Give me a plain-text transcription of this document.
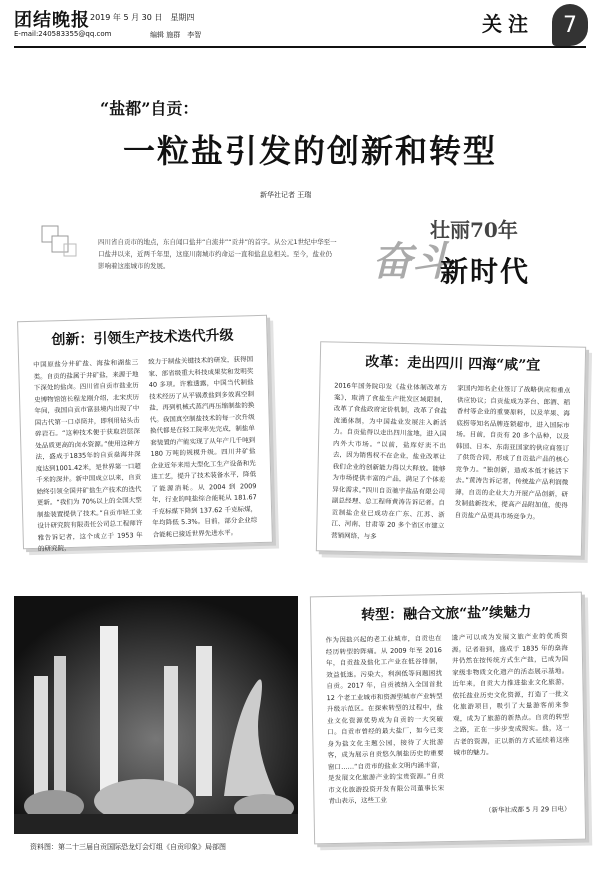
团结晚报 2019 年 5 月 30 日　星期四
E-mail:240583355@qq.com	编辑 施群　李智	关注	7
“盐都”自贡：
一粒盐引发的创新和转型
新华社记者 王瑞
四川省自贡市的地点，东自闻口盐井“自流井”“贡井”的首字。从公元1世纪中华至一口盐井以来，近两千年里，这座川南城市约命运一直和盐息息相关。至今，盐业仍影响着这座城市的发展。	奋斗
壮丽70年
新时代
创新：引领生产技术迭代升级

中国原盐分井矿盐、海盐和湖盐三类。自贡的盐属于井矿盐，来源于地下深处的盐卤。四川省自贡市盐业历史博物馆馆长程龙刚介绍，北宋庆历年间，我国自贡市富县境内出现了中国古代第一口卓筒井，即利用钻头击碎岩石。“这种技术便于获取岩层深处品质更高的卤水资源。”使用这种方法，盛成于1835年的自贡燊海井深度达到1001.42米，是世界第一口超千米的深井。新中国成立以来，自贡始终引领全国井矿盐生产技术的迭代更新。“我们为 70%以上的全国大型制盐装置提供了技术。”自贡市轻工业设计研究院有限责任公司总工程师许雅告诉记者，这个成立于 1953 年的研究院，

致力于制盐关键技术的研发，获得国家、部省级重大科技成果奖和发明奖40 多项。许雅透露，中国当代制盐技术经历了从平锅煮盐到多效真空制盐，再到机械式蒸汽再压缩制盐的换代。我国真空制盐技术的每一次升级换代都是在轻工院率先完成，制盐单套装置的产能实现了从年产几千吨到 180 万吨的规模升级。四川井矿盐企业近年来用大型化工生产设备和先进工艺，提升了技术装备水平，降低了能源消耗。从 2004 到 2009 年，行业的吨盐综合能耗从 181.67 千克标煤下降到 137.62 千克标煤，年均降低 5.3%。目前，部分企业综合能耗已接近世界先进水平。

改革：走出四川 四海“咸”宜

2016年国务院印发《盐业体制改革方案》，取消了食盐生产批发区域限制，改革了食盐政府定价机制，改革了食盐流通体制，为中国盐业发展注入新活力。自贡盐得以走出四川盆地，进入国内外大市场。“以前，盐库好卖不出去，因为销售权不在企业，盐业改革让我们企业的创新能力得以大释放。能够为市场提供丰富的产品，满足了个体差异化需求。”四川自贡驰宇盐品有限公司副总经理、总工程师黄涛告诉记者。自贡制盐企业已成功在广东、江苏、浙江、河南、甘肃等 20 多个省区市建立营销网络，与多

家国内知名企业签订了战略供应和重点供应协议；自贡盐成为茅台、郎酒、稻香村等企业的重要原料，以及苹果、海底捞等知名品牌连锁超市，进入国际市场。目前，自贡有 20 多个品种，以及韩国、日本、东南亚国家的供应商签订了供货合同，形成了自贡盐产品的核心竞争力。“独创新，造成本低才能活下去。”黄涛告诉记者，传统盐产品利润微薄，自贡的企业大力开展产品创新，研发制盐新技术，提高产品附加值，使得自贡盐产品更具市场竞争力。

资料图：第二十三届自贡国际恐龙灯会灯组《自贡印象》局部图
转型：融合文旅“盐”续魅力

作为因盐兴起的老工业城市，自贡也在经历转型的阵痛。从 2009 年至 2016 年，自贡盐及盐化工产业在低谷徘徊，效益低迷。污染大，利润低等问题困扰自贡。2017 年，自贡被纳入全国首批 12 个老工业城市和资源型城市产业转型升级示范区。在探索转型的过程中，盐业文化资源优势成为自贡的一大突破口。自贡市曾经的最大盐厂，如今已变身为盐文化主题公园，接待了大批游客，成为展示自贡悠久制盐历史的重要窗口……“自贡市的盐业文明内涵丰富，是发展文化旅游产业的宝贵资源。”自贡市文化旅游投资开发有限公司董事长宋青山表示，这些工业

遗产可以成为发展文旅产业的优质资源。记者看到，盛成于 1835 年的燊海井仍然在按传统方式生产盐，已成为国家级非物质文化遗产的活态展示基地。近年来，自贡大力推进盐业文化旅游，依托盐业历史文化资源，打造了一批文化旅游项目，吸引了大量游客前来参观，成为了旅游的新热点。自贡的转型之路，正在一步步变成现实。盐，这一古老的资源，正以新的方式延续着这座城市的魅力。

（新华社成都 5 月 29 日电）
